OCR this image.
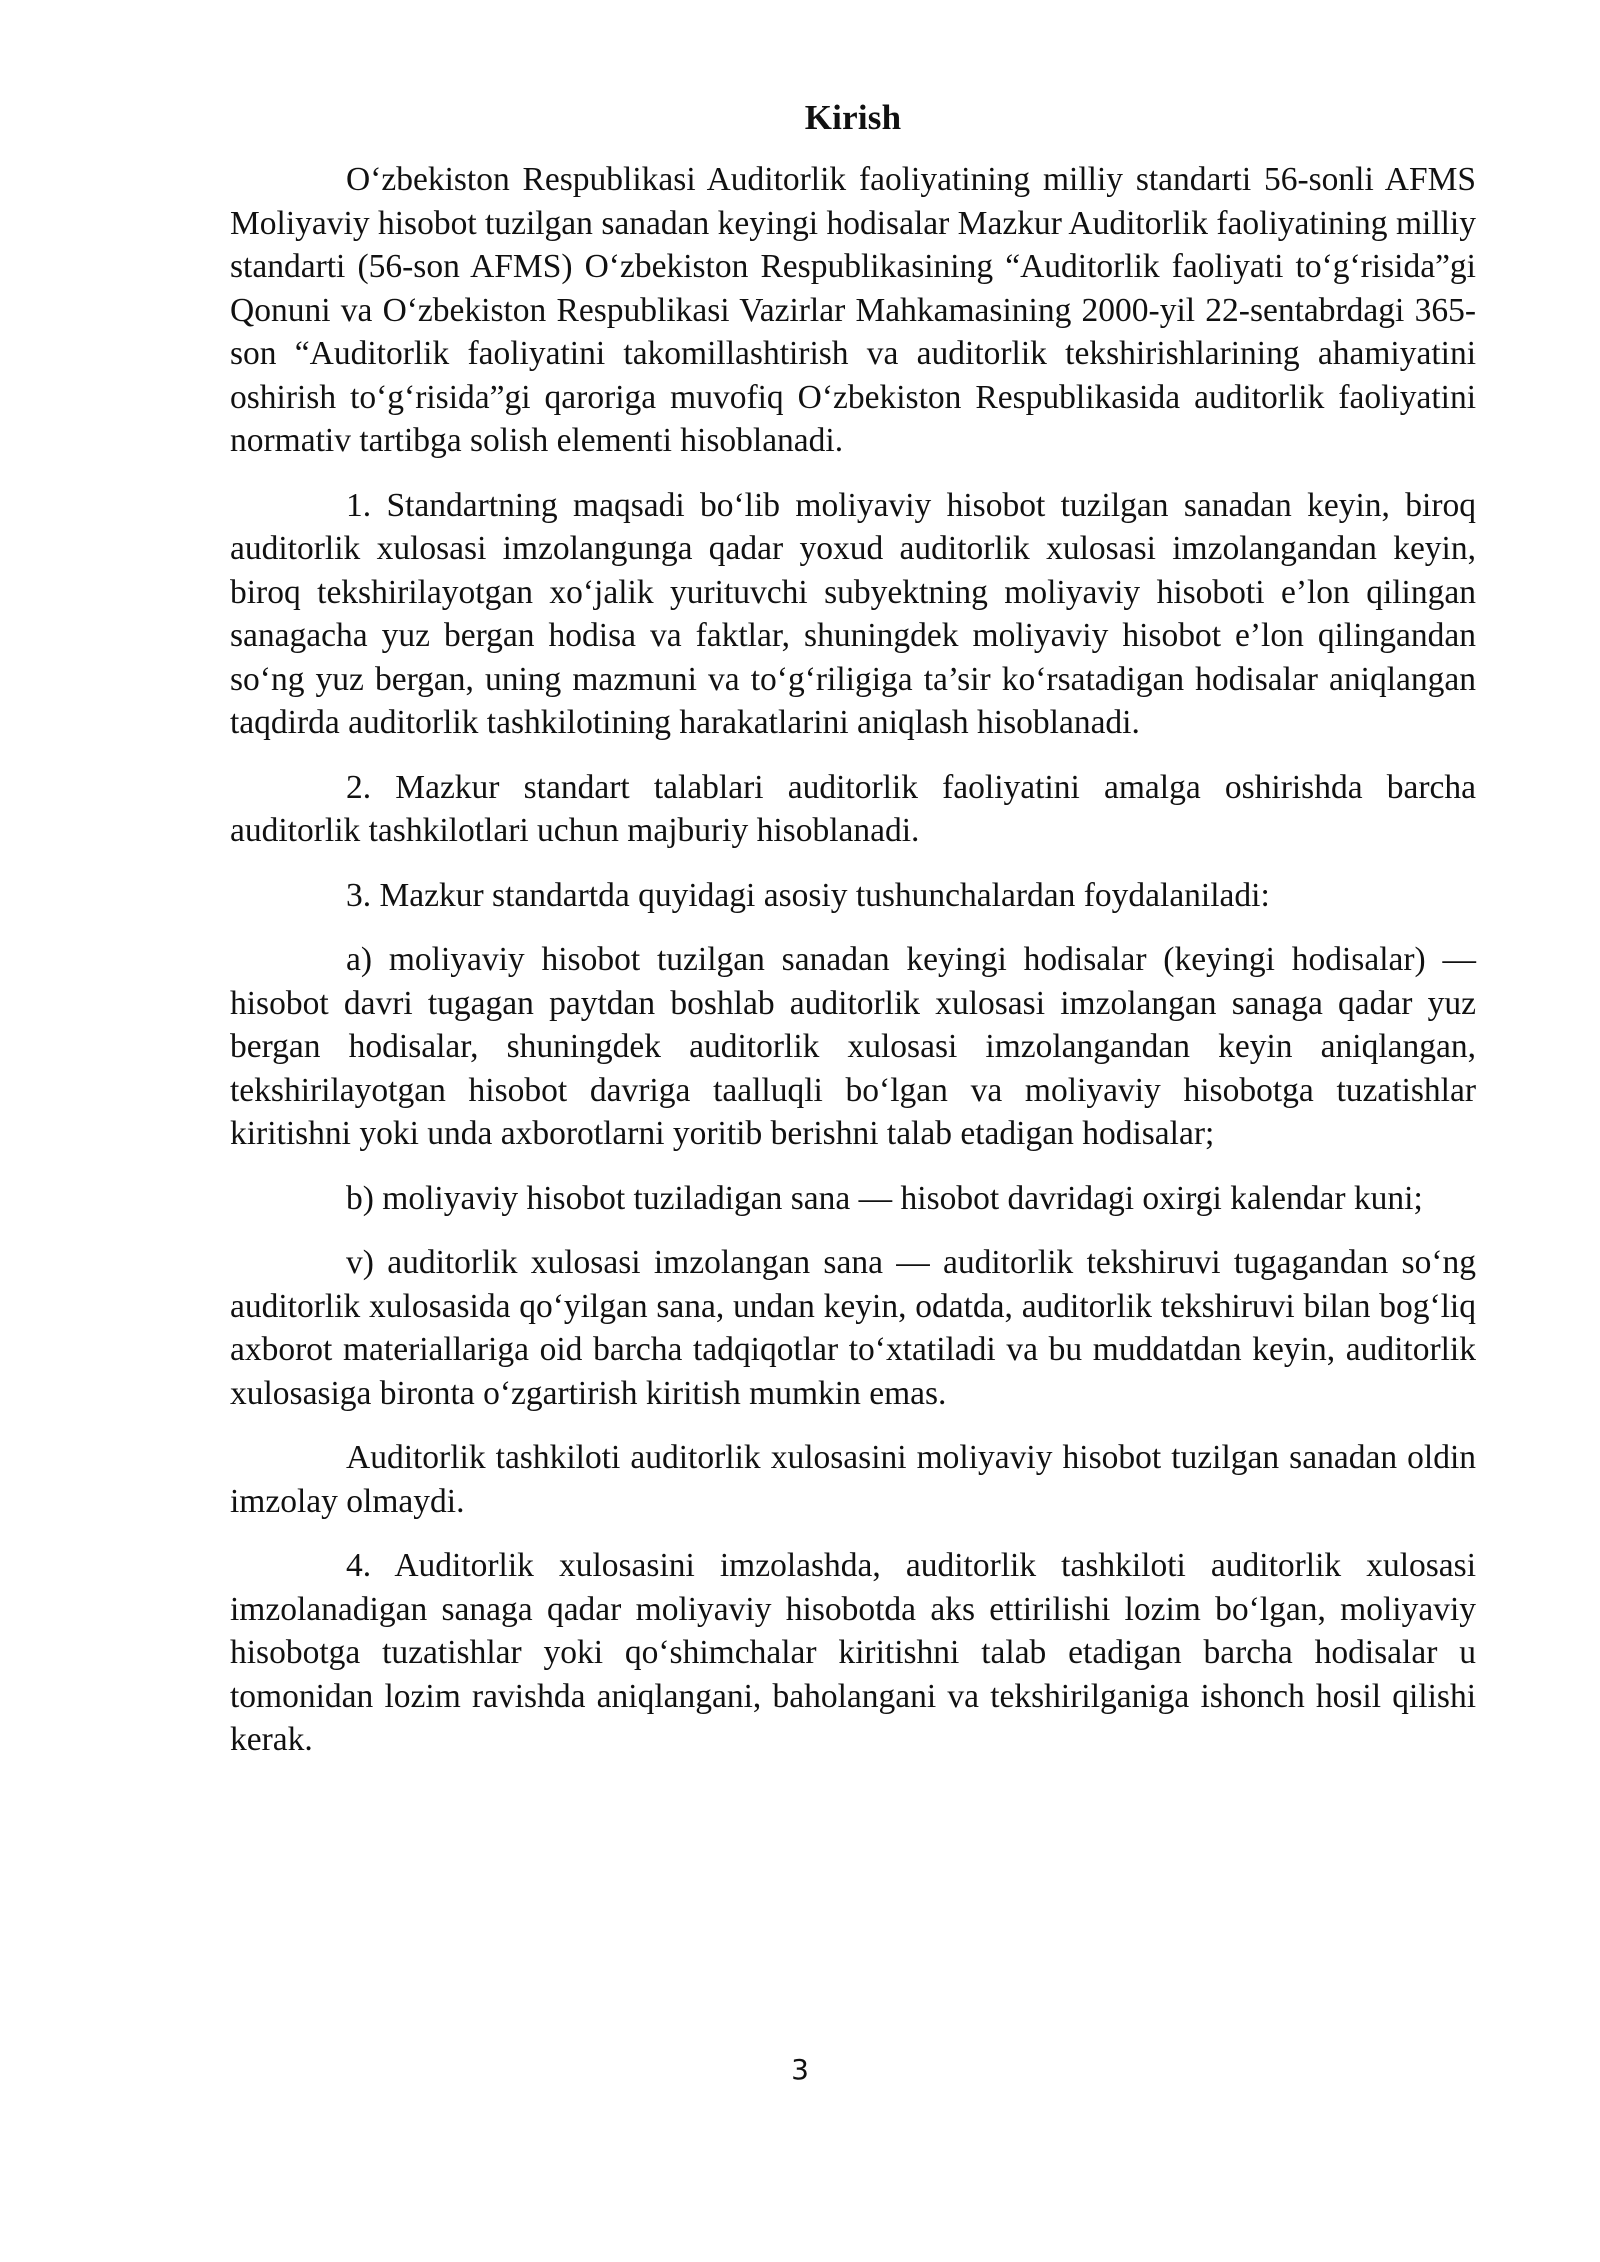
Kirish

O‘zbekiston Respublikasi Auditorlik faoliyatining milliy standarti 56-sonli AFMS Moliyaviy hisobot tuzilgan sanadan keyingi hodisalar Mazkur Auditorlik faoliyatining milliy standarti (56-son AFMS) O‘zbekiston Respublikasining “Auditorlik faoliyati to‘g‘risida”gi Qonuni va O‘zbekiston Respublikasi Vazirlar Mahkamasining 2000-yil 22-sentabrdagi 365-son “Auditorlik faoliyatini takomillashtirish va auditorlik tekshirishlarining ahamiyatini oshirish to‘g‘risida”gi qaroriga muvofiq O‘zbekiston Respublikasida auditorlik faoliyatini normativ tartibga solish elementi hisoblanadi.

1. Standartning maqsadi bo‘lib moliyaviy hisobot tuzilgan sanadan keyin, biroq auditorlik xulosasi imzolangunga qadar yoxud auditorlik xulosasi imzolangandan keyin, biroq tekshirilayotgan xo‘jalik yurituvchi subyektning moliyaviy hisoboti e’lon qilingan sanagacha yuz bergan hodisa va faktlar, shuningdek moliyaviy hisobot e’lon qilingandan so‘ng yuz bergan, uning mazmuni va to‘g‘riligiga ta’sir ko‘rsatadigan hodisalar aniqlangan taqdirda auditorlik tashkilotining harakatlarini aniqlash hisoblanadi.

2. Mazkur standart talablari auditorlik faoliyatini amalga oshirishda barcha auditorlik tashkilotlari uchun majburiy hisoblanadi.

3. Mazkur standartda quyidagi asosiy tushunchalardan foydalaniladi:

a) moliyaviy hisobot tuzilgan sanadan keyingi hodisalar (keyingi hodisalar) — hisobot davri tugagan paytdan boshlab auditorlik xulosasi imzolangan sanaga qadar yuz bergan hodisalar, shuningdek auditorlik xulosasi imzolangandan keyin aniqlangan, tekshirilayotgan hisobot davriga taalluqli bo‘lgan va moliyaviy hisobotga tuzatishlar kiritishni yoki unda axborotlarni yoritib berishni talab etadigan hodisalar;

b) moliyaviy hisobot tuziladigan sana — hisobot davridagi oxirgi kalendar kuni;

v) auditorlik xulosasi imzolangan sana — auditorlik tekshiruvi tugagandan so‘ng auditorlik xulosasida qo‘yilgan sana, undan keyin, odatda, auditorlik tekshiruvi bilan bog‘liq axborot materiallariga oid barcha tadqiqotlar to‘xtatiladi va bu muddatdan keyin, auditorlik xulosasiga bironta o‘zgartirish kiritish mumkin emas.

Auditorlik tashkiloti auditorlik xulosasini moliyaviy hisobot tuzilgan sanadan oldin imzolay olmaydi.

4. Auditorlik xulosasini imzolashda, auditorlik tashkiloti auditorlik xulosasi imzolanadigan sanaga qadar moliyaviy hisobotda aks ettirilishi lozim bo‘lgan, moliyaviy hisobotga tuzatishlar yoki qo‘shimchalar kiritishni talab etadigan barcha hodisalar u tomonidan lozim ravishda aniqlangani, baholangani va tekshirilganiga ishonch hosil qilishi kerak.

3
